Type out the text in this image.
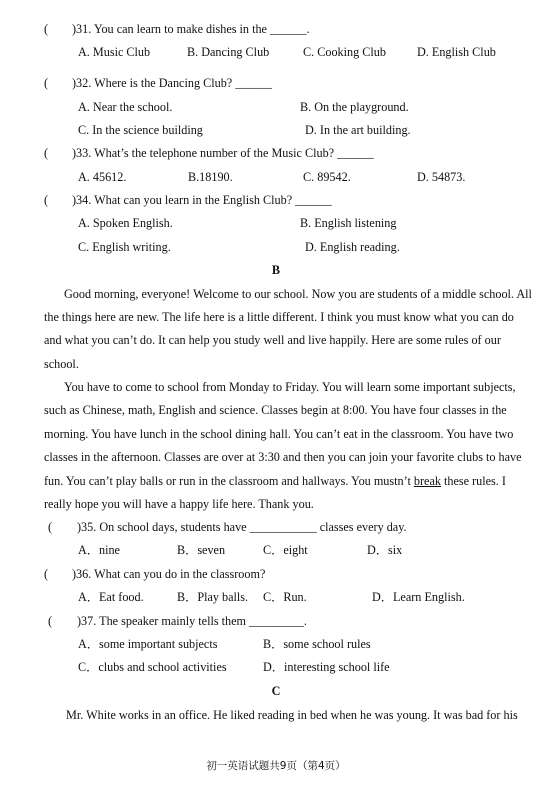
( )31. You can learn to make dishes in the ______.
A. Music Club	B. Dancing Club	C. Cooking Club	D. English Club
( )32. Where is the Dancing Club? ______
A. Near the school.	B. On the playground.
C. In the science building	D. In the art building.
( )33. What’s the telephone number of the Music Club? ______
A. 45612.	B.18190.	C. 89542.	D. 54873.
( )34. What can you learn in the English Club? ______
A. Spoken English.	B. English listening
C. English writing.	D. English reading.
B
Good morning, everyone! Welcome to our school. Now you are students of a middle school. All
the things here are new. The life here is a little different. I think you must know what you can do
and what you can’t do. It can help you study well and live happily. Here are some rules of our
school.
You have to come to school from Monday to Friday. You will learn some important subjects,
such as Chinese, math, English and science. Classes begin at 8:00. You have four classes in the
morning. You have lunch in the school dining hall. You can’t eat in the classroom. You have two
classes in the afternoon. Classes are over at 3:30 and then you can join your favorite clubs to have
fun. You can’t play balls or run in the classroom and hallways. You mustn’t break these rules. I
really hope you will have a happy life here. Thank you.
( )35. On school days, students have ___________ classes every day.
A．nine	B．seven	C．eight	D．six
( )36. What can you do in the classroom?
A．Eat food.	B．Play balls. C．Run.	D．Learn English.
( )37. The speaker mainly tells them _________.
A．some important subjects	B．some school rules
C．clubs and school activities	D．interesting school life
C
Mr. White works in an office. He liked reading in bed when he was young. It was bad for his
初一英语试题共9页（第4页）
